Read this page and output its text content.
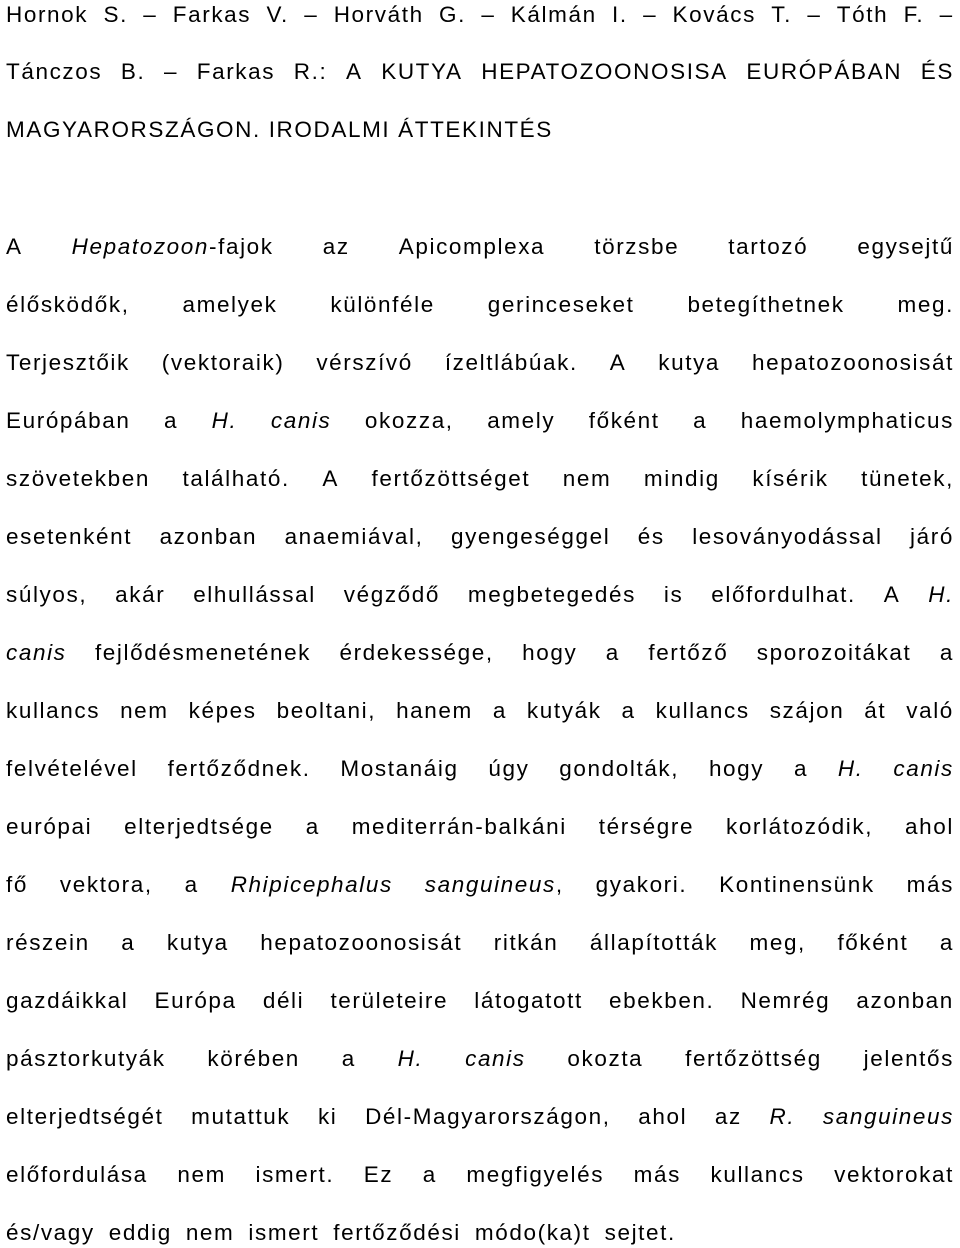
Hornok S. – Farkas V. – Horváth G. – Kálmán I. – Kovács T. – Tóth F. –
Tánczos B. – Farkas R.: A KUTYA HEPATOZOONOSISA EURÓPÁBAN ÉS
MAGYARORSZÁGON. IRODALMI ÁTTEKINTÉS
A Hepatozoon-fajok az Apicomplexa törzsbe tartozó egysejtű
élősködők, amelyek különféle gerinceseket betegíthetnek meg.
Terjesztőik (vektoraik) vérszívó ízeltlábúak. A kutya hepatozoonosisát
Európában a H. canis okozza, amely főként a haemolymphaticus
szövetekben található. A fertőzöttséget nem mindig kísérik tünetek,
esetenként azonban anaemiával, gyengeséggel és lesoványodással járó
súlyos, akár elhullással végződő megbetegedés is előfordulhat. A H.
canis fejlődésmenetének érdekessége, hogy a fertőző sporozoitákat a
kullancs nem képes beoltani, hanem a kutyák a kullancs szájon át való
felvételével fertőződnek. Mostanáig úgy gondolták, hogy a H. canis
európai elterjedtsége a mediterrán-balkáni térségre korlátozódik, ahol
fő vektora, a Rhipicephalus sanguineus, gyakori. Kontinensünk más
részein a kutya hepatozoonosisát ritkán állapították meg, főként a
gazdáikkal Európa déli területeire látogatott ebekben. Nemrég azonban
pásztorkutyák körében a H. canis okozta fertőzöttség jelentős
elterjedtségét mutattuk ki Dél-Magyarországon, ahol az R. sanguineus
előfordulása nem ismert. Ez a megfigyelés más kullancs vektorokat
és/vagy eddig nem ismert fertőződési módo(ka)t sejtet.
